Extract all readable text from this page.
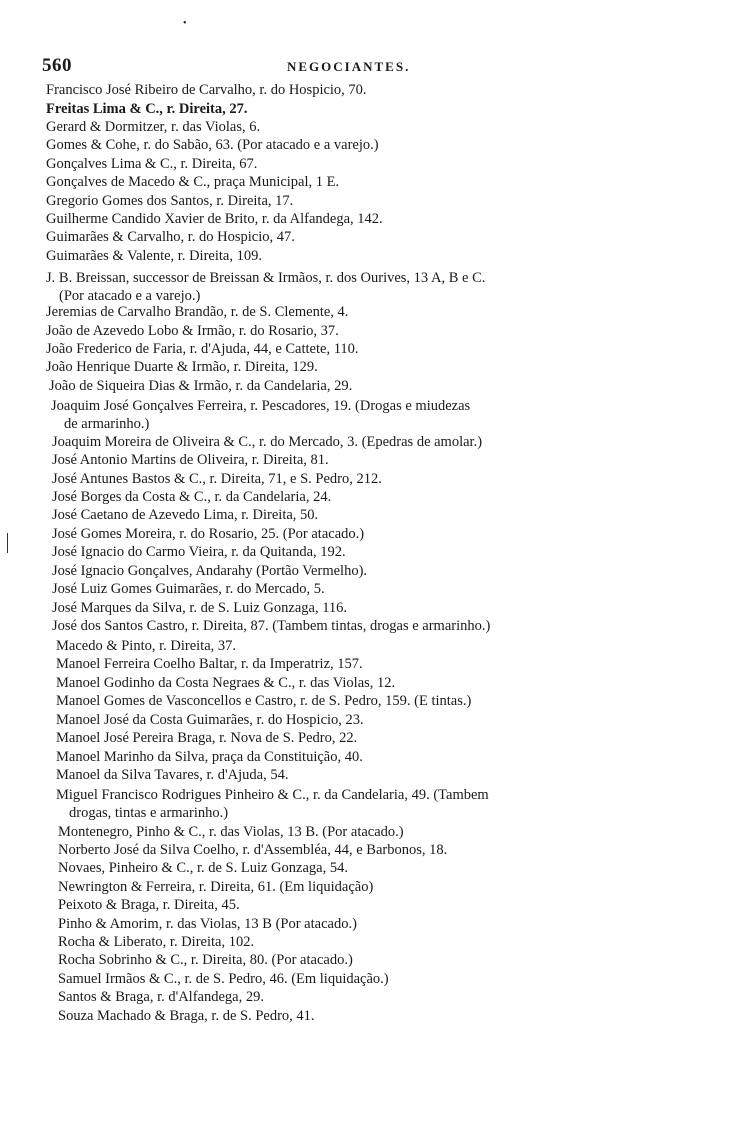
•
560	NEGOCIANTES.
Francisco José Ribeiro de Carvalho, r. do Hospicio, 70.
Freitas Lima & C., r. Direita, 27.
Gerard & Dormitzer, r. das Violas, 6.
Gomes & Cohe, r. do Sabão, 63. (Por atacado e a varejo.)
Gonçalves Lima & C., r. Direita, 67.
Gonçalves de Macedo & C., praça Municipal, 1 E.
Gregorio Gomes dos Santos, r. Direita, 17.
Guilherme Candido Xavier de Brito, r. da Alfandega, 142.
Guimarães & Carvalho, r. do Hospicio, 47.
Guimarães & Valente, r. Direita, 109.
J. B. Breissan, successor de Breissan & Irmãos, r. dos Ourives, 13 A, B e C.
(Por atacado e a varejo.)
Jeremias de Carvalho Brandão, r. de S. Clemente, 4.
João de Azevedo Lobo & Irmão, r. do Rosario, 37.
João Frederico de Faria, r. d'Ajuda, 44, e Cattete, 110.
João Henrique Duarte & Irmão, r. Direita, 129.
João de Siqueira Dias & Irmão, r. da Candelaria, 29.
Joaquim José Gonçalves Ferreira, r. Pescadores, 19. (Drogas e miudezas
de armarinho.)
Joaquim Moreira de Oliveira & C., r. do Mercado, 3. (Epedras de amolar.)
José Antonio Martins de Oliveira, r. Direita, 81.
José Antunes Bastos & C., r. Direita, 71, e S. Pedro, 212.
José Borges da Costa & C., r. da Candelaria, 24.
José Caetano de Azevedo Lima, r. Direita, 50.
José Gomes Moreira, r. do Rosario, 25. (Por atacado.)
José Ignacio do Carmo Vieira, r. da Quitanda, 192.
José Ignacio Gonçalves, Andarahy (Portão Vermelho).
José Luiz Gomes Guimarães, r. do Mercado, 5.
José Marques da Silva, r. de S. Luiz Gonzaga, 116.
José dos Santos Castro, r. Direita, 87. (Tambem tintas, drogas e armarinho.)
Macedo & Pinto, r. Direita, 37.
Manoel Ferreira Coelho Baltar, r. da Imperatriz, 157.
Manoel Godinho da Costa Negraes & C., r. das Violas, 12.
Manoel Gomes de Vasconcellos e Castro, r. de S. Pedro, 159. (E tintas.)
Manoel José da Costa Guimarães, r. do Hospicio, 23.
Manoel José Pereira Braga, r. Nova de S. Pedro, 22.
Manoel Marinho da Silva, praça da Constituição, 40.
Manoel da Silva Tavares, r. d'Ajuda, 54.
Miguel Francisco Rodrigues Pinheiro & C., r. da Candelaria, 49. (Tambem
drogas, tintas e armarinho.)
Montenegro, Pinho & C., r. das Violas, 13 B. (Por atacado.)
Norberto José da Silva Coelho, r. d'Assembléa, 44, e Barbonos, 18.
Novaes, Pinheiro & C., r. de S. Luiz Gonzaga, 54.
Newrington & Ferreira, r. Direita, 61. (Em liquidação)
Peixoto & Braga, r. Direita, 45.
Pinho & Amorim, r. das Violas, 13 B (Por atacado.)
Rocha & Liberato, r. Direita, 102.
Rocha Sobrinho & C., r. Direita, 80. (Por atacado.)
Samuel Irmãos & C., r. de S. Pedro, 46. (Em liquidação.)
Santos & Braga, r. d'Alfandega, 29.
Souza Machado & Braga, r. de S. Pedro, 41.
